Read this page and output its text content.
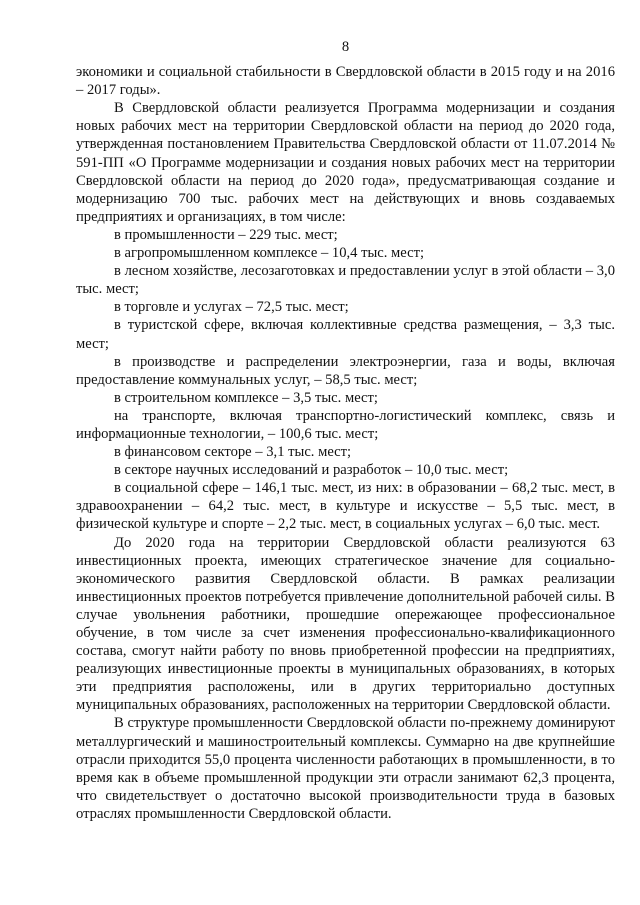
8

экономики и социальной стабильности в Свердловской области в 2015 году и на 2016 – 2017 годы».

В Свердловской области реализуется Программа модернизации и создания новых рабочих мест на территории Свердловской области на период до 2020 года, утвержденная постановлением Правительства Свердловской области от 11.07.2014 № 591-ПП «О Программе модернизации и создания новых рабочих мест на территории Свердловской области на период до 2020 года», предусматривающая создание и модернизацию 700 тыс. рабочих мест на действующих и вновь создаваемых предприятиях и организациях, в том числе:

в промышленности – 229 тыс. мест;

в агропромышленном комплексе – 10,4 тыс. мест;

в лесном хозяйстве, лесозаготовках и предоставлении услуг в этой области – 3,0 тыс. мест;

в торговле и услугах – 72,5 тыс. мест;

в туристской сфере, включая коллективные средства размещения, – 3,3 тыс. мест;

в производстве и распределении электроэнергии, газа и воды, включая предоставление коммунальных услуг, – 58,5 тыс. мест;

в строительном комплексе – 3,5 тыс. мест;

на транспорте, включая транспортно-логистический комплекс, связь и информационные технологии, – 100,6 тыс. мест;

в финансовом секторе – 3,1 тыс. мест;

в секторе научных исследований и разработок – 10,0 тыс. мест;

в социальной сфере – 146,1 тыс. мест, из них: в образовании – 68,2 тыс. мест, в здравоохранении – 64,2 тыс. мест, в культуре и искусстве – 5,5 тыс. мест, в физической культуре и спорте – 2,2 тыс. мест, в социальных услугах – 6,0 тыс. мест.

До 2020 года на территории Свердловской области реализуются 63 инвестиционных проекта, имеющих стратегическое значение для социально-экономического развития Свердловской области. В рамках реализации инвестиционных проектов потребуется привлечение дополнительной рабочей силы. В случае увольнения работники, прошедшие опережающее профессиональное обучение, в том числе за счет изменения профессионально-квалификационного состава, смогут найти работу по вновь приобретенной профессии на предприятиях, реализующих инвестиционные проекты в муниципальных образованиях, в которых эти предприятия расположены, или в других территориально доступных муниципальных образованиях, расположенных на территории Свердловской области.

В структуре промышленности Свердловской области по-прежнему доминируют металлургический и машиностроительный комплексы. Суммарно на две крупнейшие отрасли приходится 55,0 процента численности работающих в промышленности, в то время как в объеме промышленной продукции эти отрасли занимают 62,3 процента, что свидетельствует о достаточно высокой производительности труда в базовых отраслях промышленности Свердловской области.
